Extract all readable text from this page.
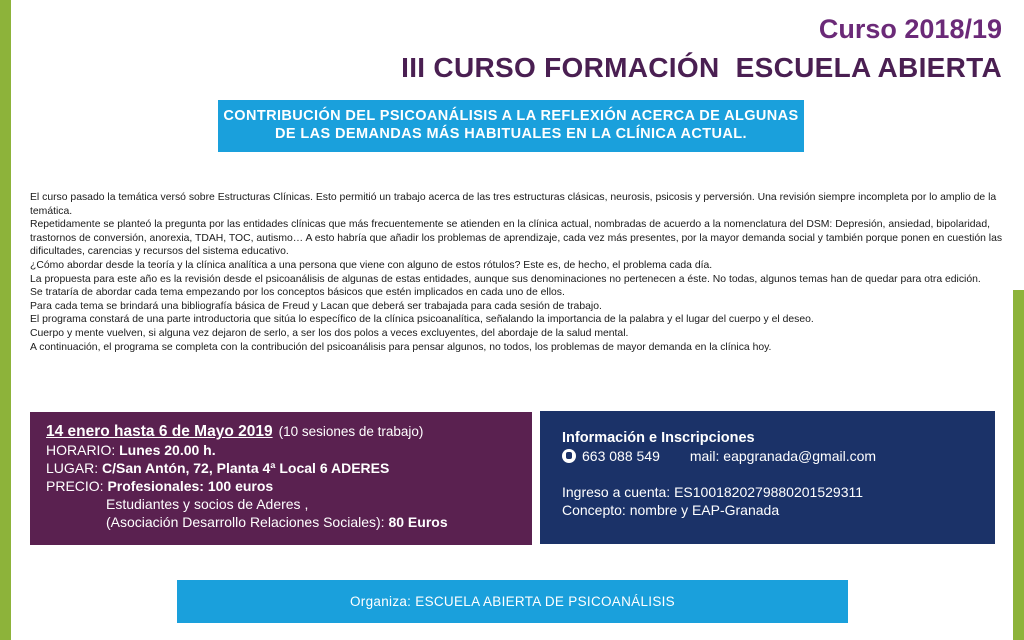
Curso 2018/19
III CURSO FORMACIÓN  ESCUELA ABIERTA
CONTRIBUCIÓN DEL PSICOANÁLISIS A LA REFLEXIÓN ACERCA DE ALGUNAS
DE LAS DEMANDAS MÁS HABITUALES EN LA CLÍNICA ACTUAL.

El curso pasado la temática versó sobre Estructuras Clínicas. Esto permitió un trabajo acerca de las tres estructuras clásicas, neurosis, psicosis y perversión. Una revisión siempre incompleta por lo amplio de la temática.

Repetidamente se planteó la pregunta por las entidades clínicas que más frecuentemente se atienden en la clínica actual, nombradas de acuerdo a la nomenclatura del DSM: Depresión, ansiedad, bipolaridad, trastornos de conversión, anorexia, TDAH, TOC, autismo… A esto habría que añadir los problemas de aprendizaje, cada vez más presentes, por la mayor demanda social y también porque ponen en cuestión las dificultades, carencias y recursos del sistema educativo.

¿Cómo abordar desde la teoría y la clínica analítica a una persona que viene con alguno de estos rótulos? Este es, de hecho, el problema cada día.

La propuesta para este año es la revisión desde el psicoanálisis de algunas de estas entidades, aunque sus denominaciones no pertenecen a éste. No todas, algunos temas han de quedar para otra edición.

Se trataría de abordar cada tema empezando por los conceptos básicos que estén implicados en cada uno de ellos.

Para cada tema se brindará una bibliografía básica de Freud y Lacan que deberá ser trabajada para cada sesión de trabajo.

El programa constará de una parte introductoria que sitúa lo específico de la clínica psicoanalítica, señalando la importancia de la palabra y el lugar del cuerpo y el deseo.

Cuerpo y mente vuelven, si alguna vez dejaron de serlo, a ser los dos polos a veces excluyentes, del abordaje de la salud mental.

A continuación, el programa se completa con la contribución del psicoanálisis para pensar algunos, no todos, los problemas de mayor demanda en la clínica hoy.

14 enero hasta 6 de Mayo 2019 (10 sesiones de trabajo)
HORARIO: Lunes 20.00 h.
LUGAR: C/San Antón, 72, Planta 4ª Local 6 ADERES
PRECIO: Profesionales: 100 euros
Estudiantes y socios de Aderes ,
(Asociación Desarrollo Relaciones Sociales): 80 Euros
Información e Inscripciones
663 088 549 mail: eapgranada@gmail.com
Ingreso a cuenta: ES1001820279880201529311
Concepto: nombre y EAP-Granada
Organiza: ESCUELA ABIERTA DE PSICOANÁLISIS
